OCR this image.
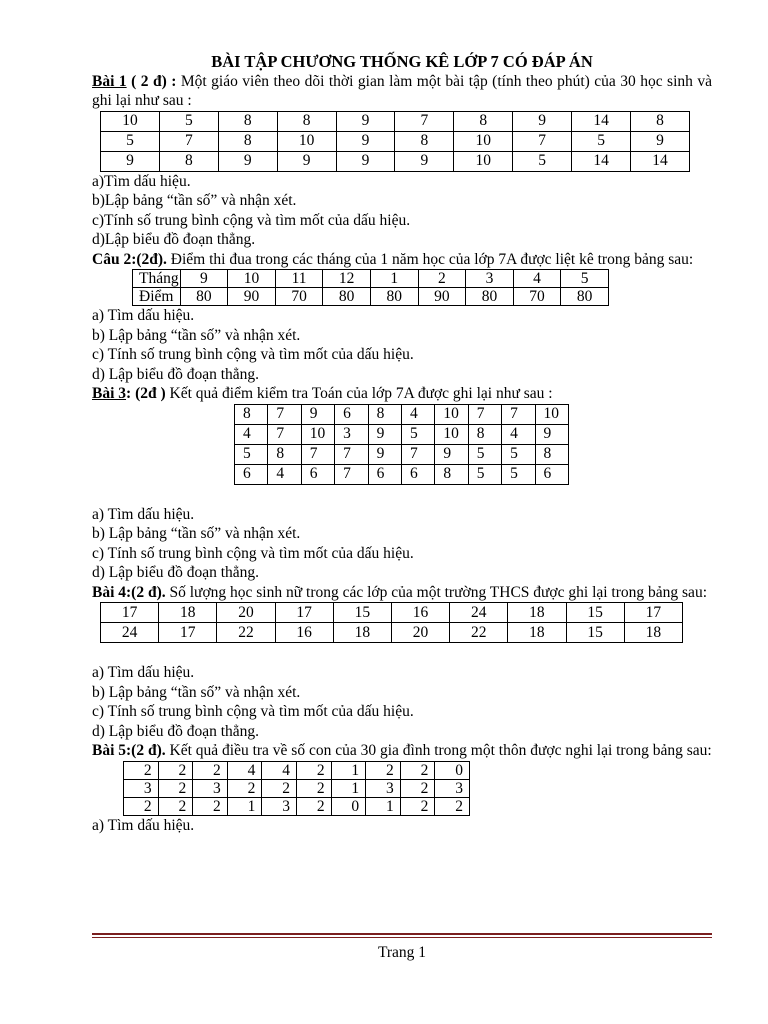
BÀI TẬP CHƯƠNG THỐNG KÊ LỚP 7 CÓ ĐÁP ÁN

Bài 1 ( 2 đ) : Một giáo viên theo dõi thời gian làm một bài tập (tính theo phút) của 30 học sinh và ghi lại như sau :

10	5	8	8	9	7	8	9	14	8
5	7	8	10	9	8	10	7	5	9
9	8	9	9	9	9	10	5	14	14

a)Tìm dấu hiệu.

b)Lập bảng “tần số” và nhận xét.

c)Tính số trung bình cộng và tìm mốt của dấu hiệu.

d)Lập biểu đồ đoạn thẳng.

Câu 2:(2đ). Điểm thi đua trong các tháng của 1 năm học của lớp 7A được liệt kê trong bảng sau:

Tháng	9	10	11	12	1	2	3	4	5
Điểm	80	90	70	80	80	90	80	70	80

a) Tìm dấu hiệu.

b) Lập bảng “tần số” và nhận xét.

c) Tính số trung bình cộng và tìm mốt của dấu hiệu.

d) Lập biểu đồ đoạn thẳng.

Bài 3: (2đ ) Kết quả điểm kiểm tra Toán của lớp 7A được ghi lại như sau :

8	7	9	6	8	4	10	7	7	10
4	7	10	3	9	5	10	8	4	9
5	8	7	7	9	7	9	5	5	8
6	4	6	7	6	6	8	5	5	6

a) Tìm dấu hiệu.

b) Lập bảng “tần số” và nhận xét.

c) Tính số trung bình cộng và tìm mốt của dấu hiệu.

d) Lập biểu đồ đoạn thẳng.

Bài 4:(2 đ). Số lượng học sinh nữ trong các lớp của một trường THCS được ghi lại trong bảng sau:

17	18	20	17	15	16	24	18	15	17
24	17	22	16	18	20	22	18	15	18

a) Tìm dấu hiệu.

b) Lập bảng “tần số” và nhận xét.

c) Tính số trung bình cộng và tìm mốt của dấu hiệu.

d) Lập biểu đồ đoạn thẳng.

Bài 5:(2 đ). Kết quả điều tra về số con của 30 gia đình trong một thôn được nghi lại trong bảng sau:

2	2	2	4	4	2	1	2	2	0
3	2	3	2	2	2	1	3	2	3
2	2	2	1	3	2	0	1	2	2

a) Tìm dấu hiệu.

Trang 1
